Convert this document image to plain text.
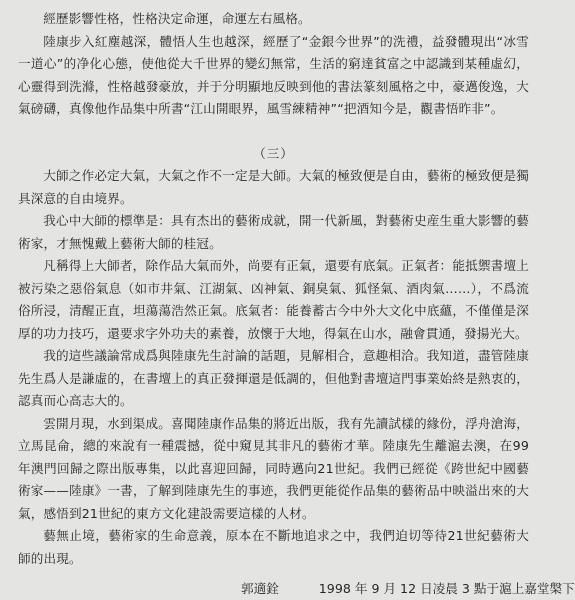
經歷影響性格，性格決定命運，命運左右風格。

陸康步入紅塵越深，體悟人生也越深，經歷了“金銀今世界”的洗禮，益發體現出“冰雪一道心”的净化心態，使他從大千世界的變幻無常，生活的窮達貧富之中認識到某種虛幻，心靈得到洗滌，性格越發豪放，并于分明顯地反映到他的書法篆刻風格之中，豪邁俊逸，大氣磅礴，真像他作品集中所書“江山開眼界，風雪練精神”“把酒知今是，觀書悟昨非”。

（三）

大師之作必定大氣，大氣之作不一定是大師。大氣的極致便是自由，藝術的極致便是獨具深意的自由境界。

我心中大師的標準是：具有杰出的藝術成就，開一代新風，對藝術史産生重大影響的藝術家，才無愧戴上藝術大師的桂冠。

凡稱得上大師者，除作品大氣而外，尚要有正氣，還要有底氣。正氣者：能抵禦書壇上被污染之惡俗氣息（如市井氣、江湖氣、凶神氣、銅臭氣、狐怪氣、酒肉氣……），不爲流俗所浸，清醒正直，坦蕩蕩浩然正氣。底氣者：能養蓄古今中外大文化中底蘊，不僅僅是深厚的功力技巧，還要求字外功夫的素養，放懷于大地，得氣在山水，融會貫通，發揚光大。

我的這些議論常成爲與陸康先生討論的話題，見解相合，意趣相洽。我知道，盡管陸康先生爲人是謙虛的，在書壇上的真正發揮還是低調的，但他對書壇這門事業始終是熱衷的，認真而心高志大的。

雲開月現，水到渠成。喜聞陸康作品集的將近出版，我有先讀試樣的緣份，浮舟滄海，立馬昆侖，總的來說有一種震撼，從中窺見其非凡的藝術才華。陸康先生離滬去澳，在99年澳門回歸之際出版專集，以此喜迎回歸，同時邁向21世紀。我們已經從《跨世紀中國藝術家——陸康》一書，了解到陸康先生的事迹，我們更能從作品集的藝術品中映溢出來的大氣，感悟到21世紀的東方文化建設需要這樣的人材。

藝無止境，藝術家的生命意義，原本在不斷地追求之中，我們迫切等待21世紀藝術大師的出現。

郭適銓	1998 年 9 月 12 日凌晨 3 點于滬上嘉堂槃下
